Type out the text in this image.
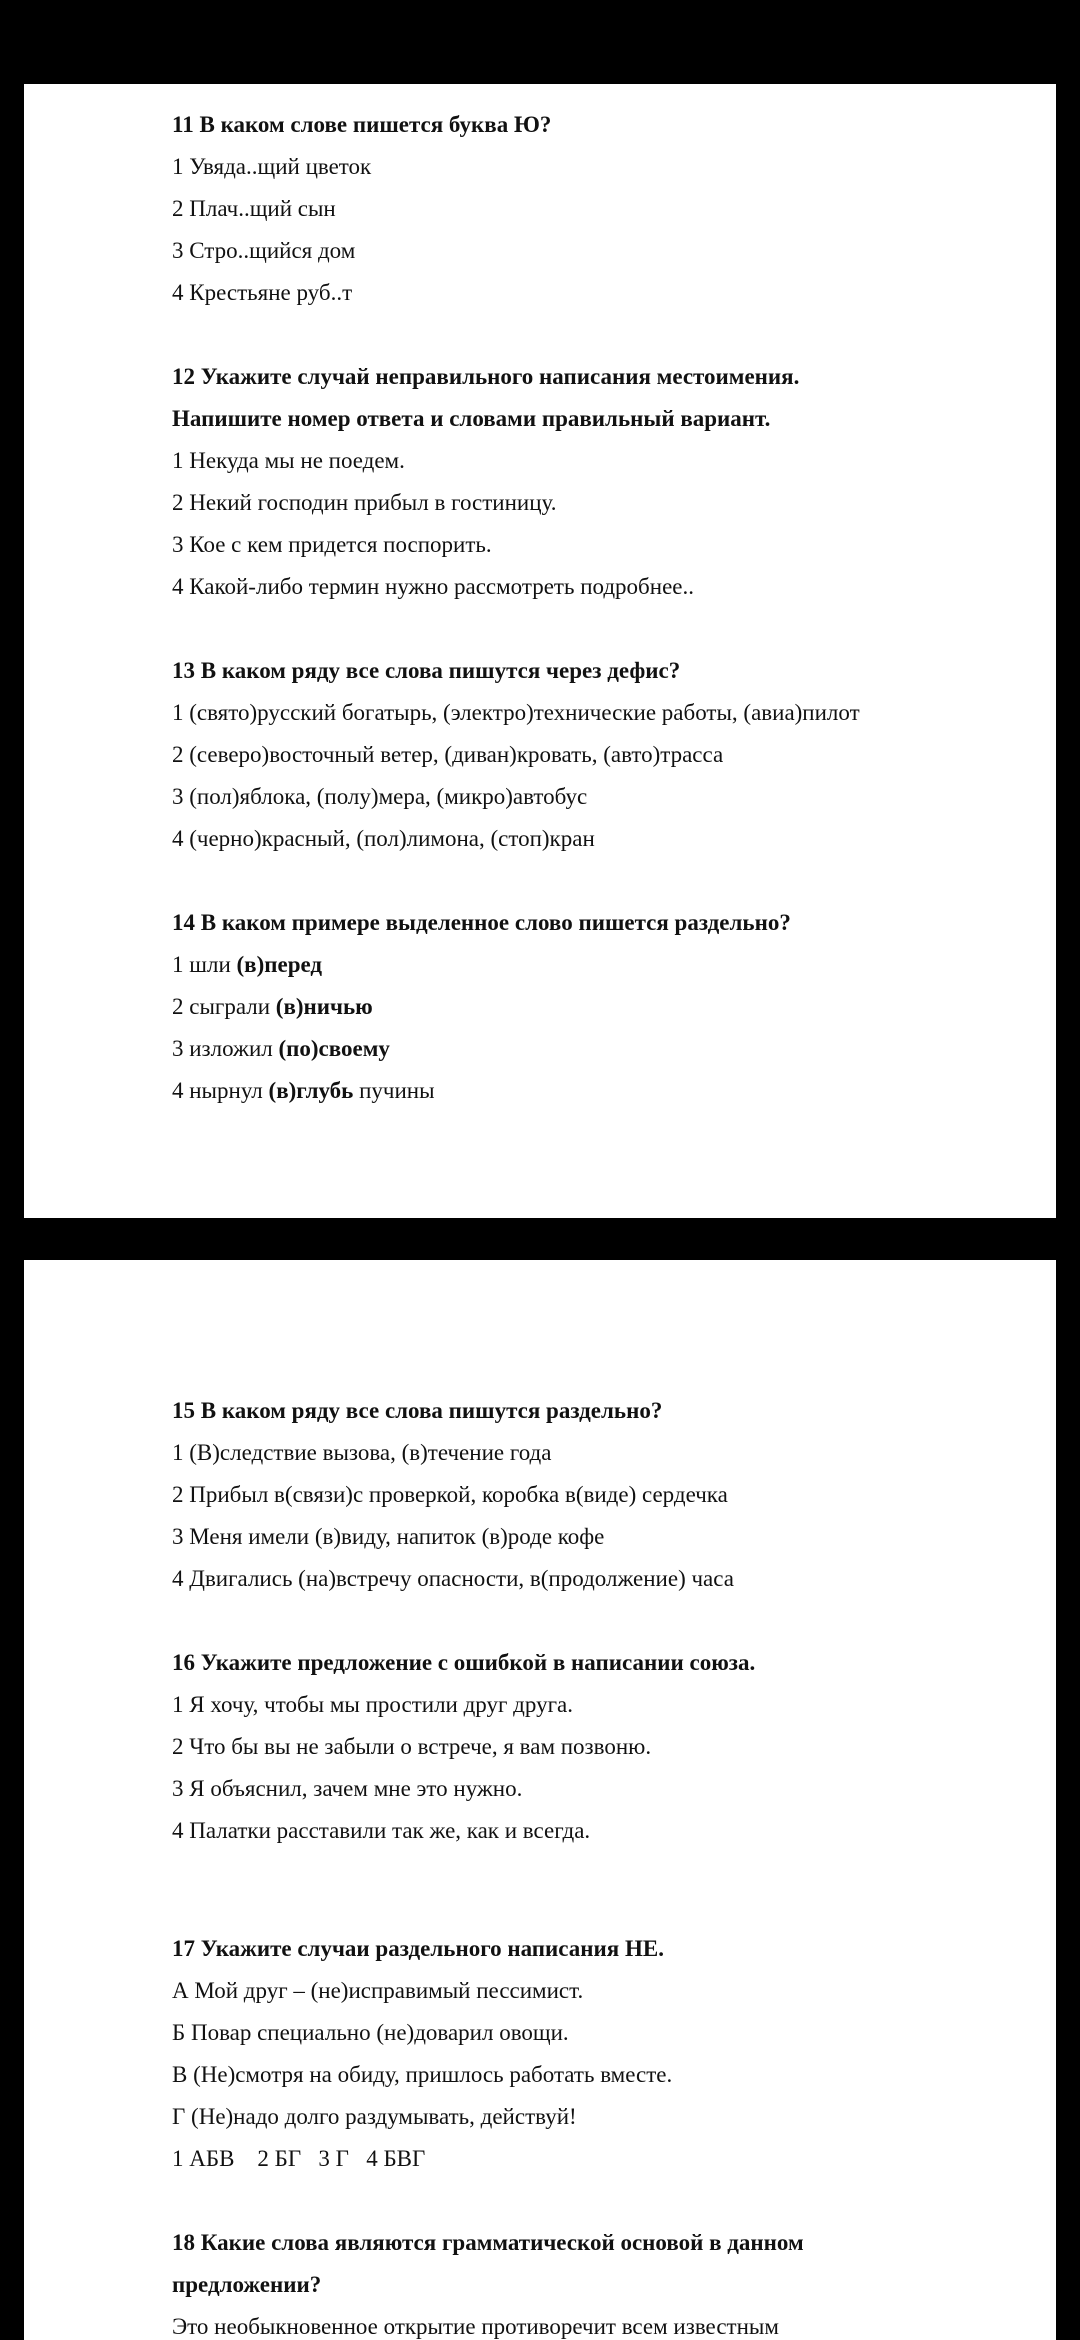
11 В каком слове пишется буква Ю?

1 Увяда..щий цветок

2 Плач..щий сын

3 Стро..щийся дом

4 Крестьяне руб..т

12 Укажите случай неправильного написания местоимения.

Напишите номер ответа и словами правильный вариант.

1 Некуда мы не поедем.

2 Некий господин прибыл в гостиницу.

3 Кое с кем придется поспорить.

4 Какой-либо термин нужно рассмотреть подробнее..

13 В каком ряду все слова пишутся через дефис?

1 (свято)русский богатырь, (электро)технические работы, (авиа)пилот

2 (северо)восточный ветер, (диван)кровать, (авто)трасса

3 (пол)яблока, (полу)мера, (микро)автобус

4 (черно)красный, (пол)лимона, (стоп)кран

14 В каком примере выделенное слово пишется раздельно?

1 шли (в)перед

2 сыграли (в)ничью

3 изложил (по)своему

4 нырнул (в)глубь пучины

15 В каком ряду все слова пишутся раздельно?

1 (В)следствие вызова, (в)течение года

2 Прибыл в(связи)с проверкой, коробка в(виде) сердечка

3 Меня имели (в)виду, напиток (в)роде кофе

4 Двигались (на)встречу опасности, в(продолжение) часа

16 Укажите предложение с ошибкой в написании союза.

1 Я хочу, чтобы мы простили друг друга.

2 Что бы вы не забыли о встрече, я вам позвоню.

3 Я объяснил, зачем мне это нужно.

4 Палатки расставили так же, как и всегда.

17 Укажите случаи раздельного написания НЕ.

А Мой друг – (не)исправимый пессимист.

Б Повар специально (не)доварил овощи.

В (Не)смотря на обиду, пришлось работать вместе.

Г (Не)надо долго раздумывать, действуй!

1 АБВ    2 БГ   3 Г   4 БВГ

18 Какие слова являются грамматической основой в данном

предложении?

Это необыкновенное открытие противоречит всем известным
